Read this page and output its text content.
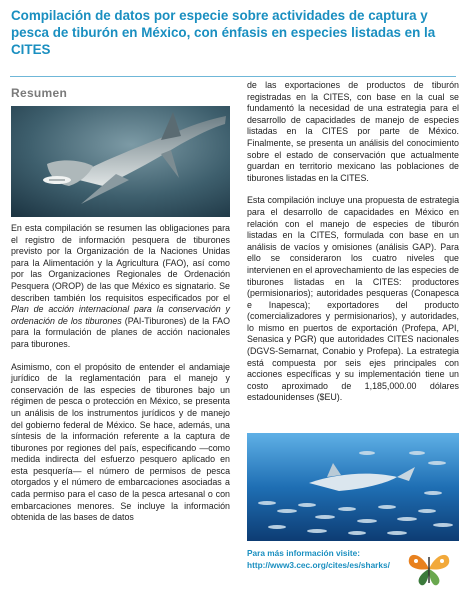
Compilación de datos por especie sobre actividades de captura y pesca de tiburón en México, con énfasis en especies listadas en la CITES
Resumen

En esta compilación se resumen las obligaciones para el registro de información pesquera de tiburones previsto por la Organización de la Naciones Unidas para la Alimentación y la Agricultura (FAO), así como por las Organizaciones Regionales de Ordenación Pesquera (OROP) de las que México es signatario. Se describen también los requisitos especificados por el Plan de acción internacional para la conservación y ordenación de los tiburones (PAI-Tiburones) de la FAO para la formulación de planes de acción nacionales para tiburones.

Asimismo, con el propósito de entender el andamiaje jurídico de la reglamentación para el manejo y conservación de las especies de tiburones bajo un régimen de pesca o protección en México, se presenta un análisis de los instrumentos jurídicos y de manejo del gobierno federal de México. Se hace, además, una síntesis de la información referente a la captura de tiburones por regiones del país, especificando —como medida indirecta del esfuerzo pesquero aplicado en esta pesquería— el número de permisos de pesca otorgados y el número de embarcaciones asociadas a cada permiso para el caso de la pesca artesanal o con embarcaciones menores. Se incluye la información obtenida de las bases de datos

de las exportaciones de productos de tiburón registradas en la CITES, con base en la cual se fundamentó la necesidad de una estrategia para el desarrollo de capacidades de manejo de especies listadas en la CITES por parte de México. Finalmente, se presenta un análisis del conocimiento sobre el estado de conservación que actualmente guardan en territorio mexicano las poblaciones de tiburones listadas en la CITES.

Esta compilación incluye una propuesta de estrategia para el desarrollo de capacidades en México en relación con el manejo de especies de tiburón listadas en la CITES, formulada con base en un análisis de vacíos y omisiones (análisis GAP). Para ello se consideraron los cuatro niveles que intervienen en el aprovechamiento de las especies de tiburones listadas en la CITES: productores (permisionarios); autoridades pesqueras (Conapesca e Inapesca); exportadores del producto (comercializadores y permisionarios), y autoridades, lo mismo en puertos de exportación (Profepa, API, Senasica y PGR) que autoridades CITES nacionales (DGVS-Semarnat, Conabio y Profepa). La estrategia está compuesta por seis ejes principales con acciones específicas y su implementación tiene un costo aproximado de 1,185,000.00 dólares estadounidenses ($EU).

Para más información visite:
http://www3.cec.org/cites/es/sharks/
